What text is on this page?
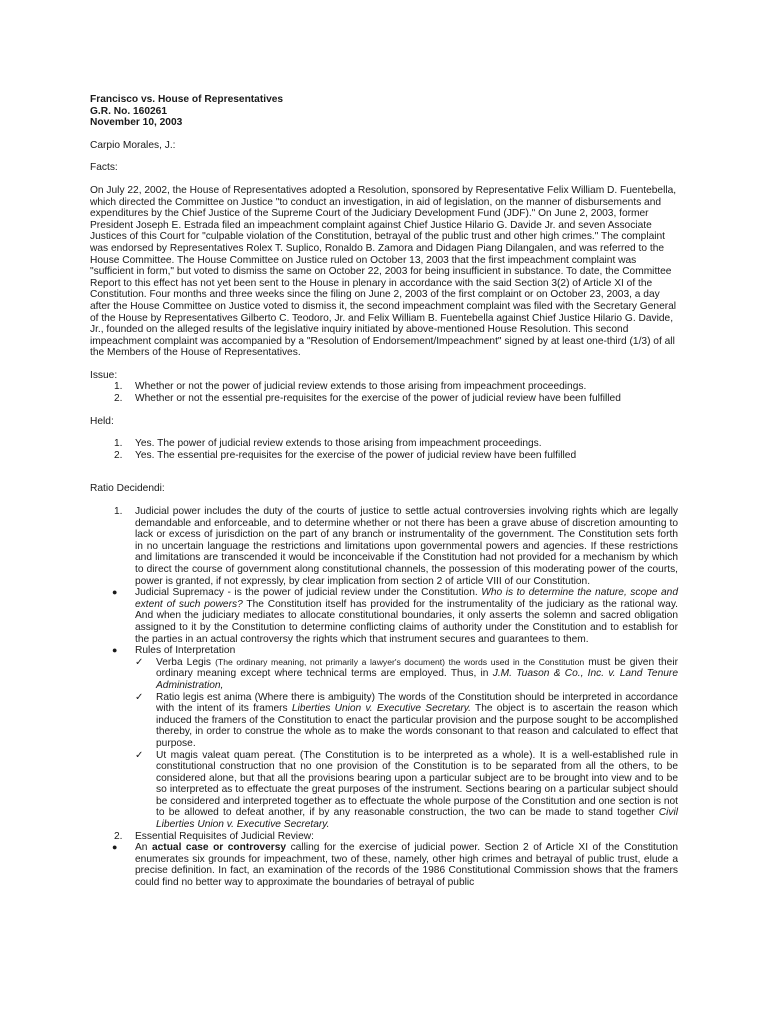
Francisco vs. House of Representatives
G.R. No. 160261
November 10, 2003

Carpio Morales, J.:

Facts:

On July 22, 2002, the House of Representatives adopted a Resolution, sponsored by Representative Felix William D. Fuentebella, which directed the Committee on Justice "to conduct an investigation, in aid of legislation, on the manner of disbursements and expenditures by the Chief Justice of the Supreme Court of the Judiciary Development Fund (JDF)." On June 2, 2003, former President Joseph E. Estrada filed an impeachment complaint against Chief Justice Hilario G. Davide Jr. and seven Associate Justices of this Court for "culpable violation of the Constitution, betrayal of the public trust and other high crimes." The complaint was endorsed by Representatives Rolex T. Suplico, Ronaldo B. Zamora and Didagen Piang Dilangalen, and was referred to the House Committee. The House Committee on Justice ruled on October 13, 2003 that the first impeachment complaint was "sufficient in form," but voted to dismiss the same on October 22, 2003 for being insufficient in substance. To date, the Committee Report to this effect has not yet been sent to the House in plenary in accordance with the said Section 3(2) of Article XI of the Constitution. Four months and three weeks since the filing on June 2, 2003 of the first complaint or on October 23, 2003, a day after the House Committee on Justice voted to dismiss it, the second impeachment complaint was filed with the Secretary General of the House by Representatives Gilberto C. Teodoro, Jr. and Felix William B. Fuentebella against Chief Justice Hilario G. Davide, Jr., founded on the alleged results of the legislative inquiry initiated by above-mentioned House Resolution. This second impeachment complaint was accompanied by a "Resolution of Endorsement/Impeachment" signed by at least one-third (1/3) of all the Members of the House of Representatives.

Issue:

1. Whether or not the power of judicial review extends to those arising from impeachment proceedings.
2. Whether or not the essential pre-requisites for the exercise of the power of judicial review have been fulfilled

Held:

1. Yes. The power of judicial review extends to those arising from impeachment proceedings.
2. Yes. The essential pre-requisites for the exercise of the power of judicial review have been fulfilled

Ratio Decidendi:

1. Judicial power includes the duty of the courts of justice to settle actual controversies involving rights which are legally demandable and enforceable, and to determine whether or not there has been a grave abuse of discretion amounting to lack or excess of jurisdiction on the part of any branch or instrumentality of the government. The Constitution sets forth in no uncertain language the restrictions and limitations upon governmental powers and agencies. If these restrictions and limitations are transcended it would be inconceivable if the Constitution had not provided for a mechanism by which to direct the course of government along constitutional channels, the possession of this moderating power of the courts, power is granted, if not expressly, by clear implication from section 2 of article VIII of our Constitution.
● Judicial Supremacy - is the power of judicial review under the Constitution. Who is to determine the nature, scope and extent of such powers? The Constitution itself has provided for the instrumentality of the judiciary as the rational way. And when the judiciary mediates to allocate constitutional boundaries, it only asserts the solemn and sacred obligation assigned to it by the Constitution to determine conflicting claims of authority under the Constitution and to establish for the parties in an actual controversy the rights which that instrument secures and guarantees to them.
● Rules of Interpretation
✓ Verba Legis (The ordinary meaning, not primarily a lawyer's document) the words used in the Constitution must be given their ordinary meaning except where technical terms are employed. Thus, in J.M. Tuason & Co., Inc. v. Land Tenure Administration,
✓ Ratio legis est anima (Where there is ambiguity) The words of the Constitution should be interpreted in accordance with the intent of its framers Liberties Union v. Executive Secretary. The object is to ascertain the reason which induced the framers of the Constitution to enact the particular provision and the purpose sought to be accomplished thereby, in order to construe the whole as to make the words consonant to that reason and calculated to effect that purpose.
✓ Ut magis valeat quam pereat. (The Constitution is to be interpreted as a whole). It is a well-established rule in constitutional construction that no one provision of the Constitution is to be separated from all the others, to be considered alone, but that all the provisions bearing upon a particular subject are to be brought into view and to be so interpreted as to effectuate the great purposes of the instrument. Sections bearing on a particular subject should be considered and interpreted together as to effectuate the whole purpose of the Constitution and one section is not to be allowed to defeat another, if by any reasonable construction, the two can be made to stand together Civil Liberties Union v. Executive Secretary.
2. Essential Requisites of Judicial Review:
● An actual case or controversy calling for the exercise of judicial power. Section 2 of Article XI of the Constitution enumerates six grounds for impeachment, two of these, namely, other high crimes and betrayal of public trust, elude a precise definition. In fact, an examination of the records of the 1986 Constitutional Commission shows that the framers could find no better way to approximate the boundaries of betrayal of public
